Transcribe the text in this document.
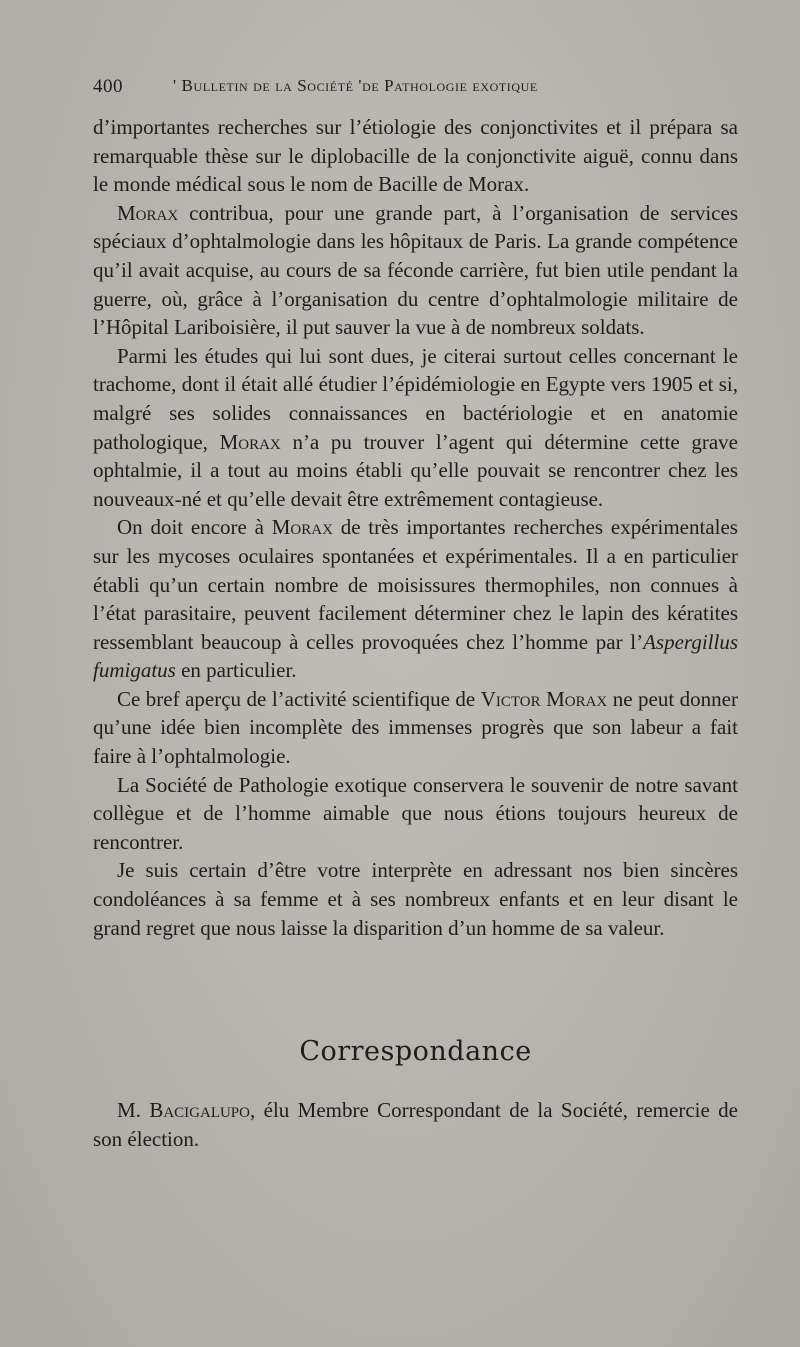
400	' Bulletin de la Société 'de Pathologie exotique

d’importantes recherches sur l’étiologie des conjonctivites et il prépara sa remarquable thèse sur le diplobacille de la conjonctivite aiguë, connu dans le monde médical sous le nom de Bacille de Morax.

Morax contribua, pour une grande part, à l’organisation de services spéciaux d’ophtalmologie dans les hôpitaux de Paris. La grande compétence qu’il avait acquise, au cours de sa féconde carrière, fut bien utile pendant la guerre, où, grâce à l’organisation du centre d’ophtalmologie militaire de l’Hôpital Lariboisière, il put sauver la vue à de nombreux soldats.

Parmi les études qui lui sont dues, je citerai surtout celles concernant le trachome, dont il était allé étudier l’épidémiologie en Egypte vers 1905 et si, malgré ses solides connaissances en bactériologie et en anatomie pathologique, Morax n’a pu trouver l’agent qui détermine cette grave ophtalmie, il a tout au moins établi qu’elle pouvait se rencontrer chez les nouveaux-né et qu’elle devait être extrêmement contagieuse.

On doit encore à Morax de très importantes recherches expérimentales sur les mycoses oculaires spontanées et expérimentales. Il a en particulier établi qu’un certain nombre de moisissures thermophiles, non connues à l’état parasitaire, peuvent facilement déterminer chez le lapin des kératites ressemblant beaucoup à celles provoquées chez l’homme par l’Aspergillus fumigatus en particulier.

Ce bref aperçu de l’activité scientifique de Victor Morax ne peut donner qu’une idée bien incomplète des immenses progrès que son labeur a fait faire à l’ophtalmologie.

La Société de Pathologie exotique conservera le souvenir de notre savant collègue et de l’homme aimable que nous étions toujours heureux de rencontrer.

Je suis certain d’être votre interprète en adressant nos bien sincères condoléances à sa femme et à ses nombreux enfants et en leur disant le grand regret que nous laisse la disparition d’un homme de sa valeur.

Correspondance

M. Bacigalupo, élu Membre Correspondant de la Société, remercie de son élection.
